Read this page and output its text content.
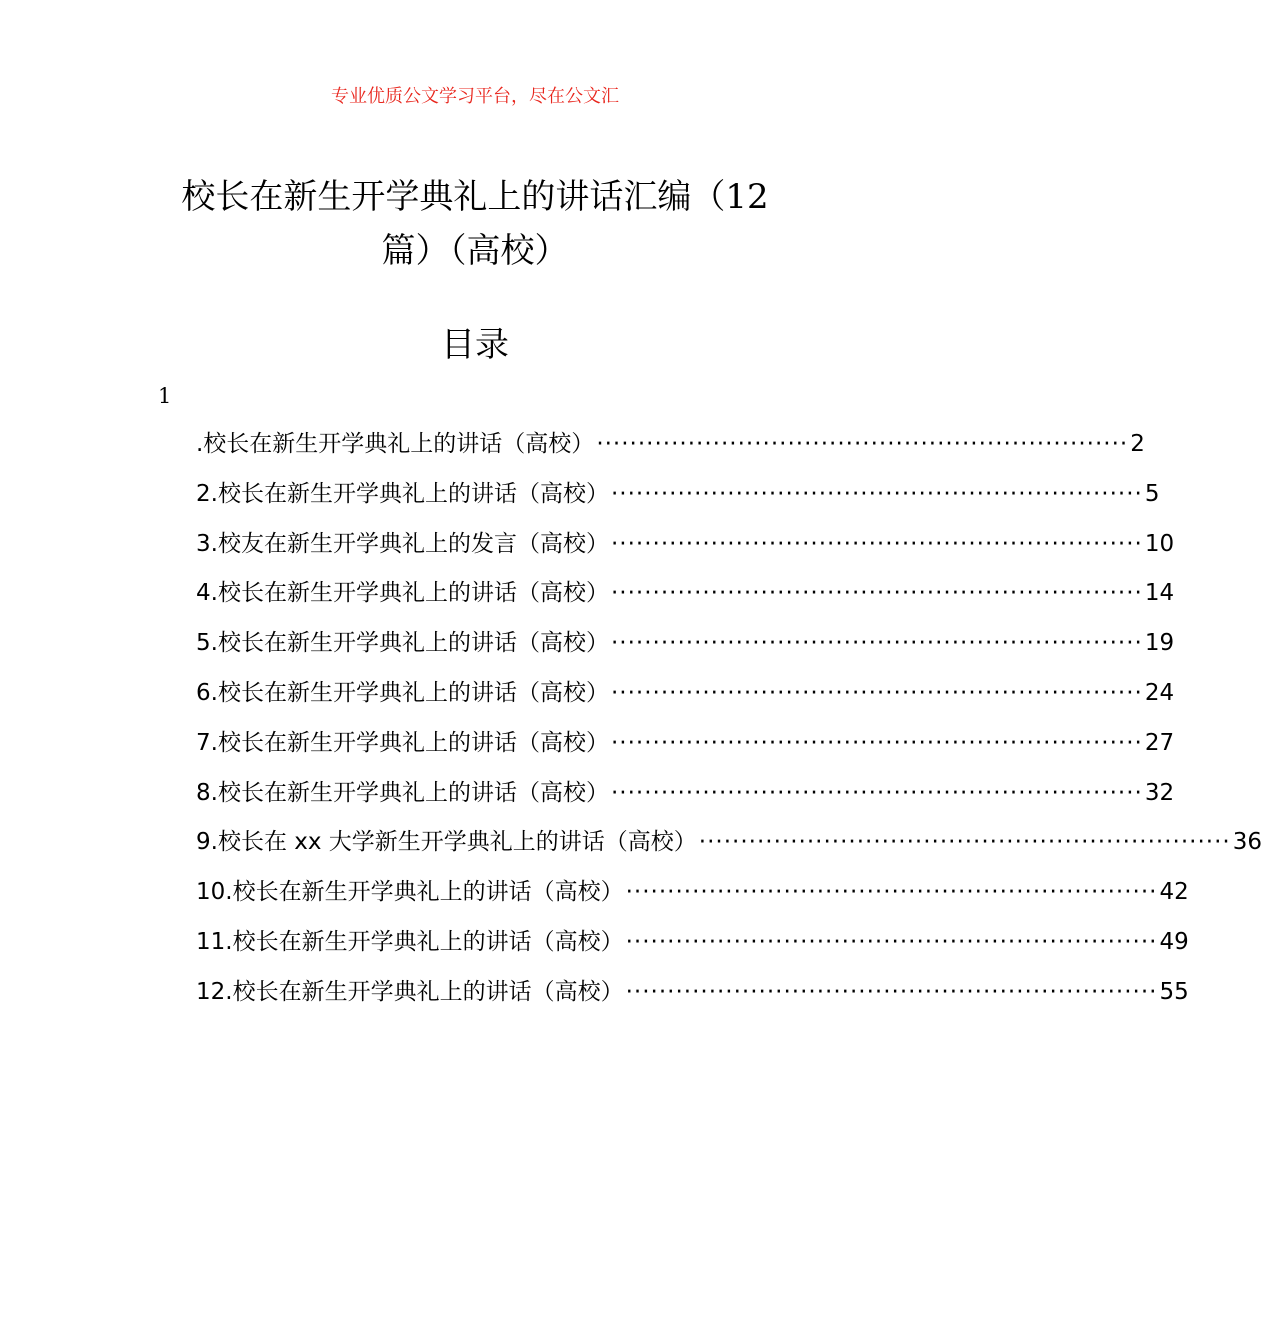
专业优质公文学习平台，尽在公文汇
校长在新生开学典礼上的讲话汇编（12
篇）（高校）
目录
1
.校长在新生开学典礼上的讲话（高校） ································································ 2
2.校长在新生开学典礼上的讲话（高校） ································································ 5
3.校友在新生开学典礼上的发言（高校） ································································ 10
4.校长在新生开学典礼上的讲话（高校） ································································ 14
5.校长在新生开学典礼上的讲话（高校） ································································ 19
6.校长在新生开学典礼上的讲话（高校） ································································ 24
7.校长在新生开学典礼上的讲话（高校） ································································ 27
8.校长在新生开学典礼上的讲话（高校） ································································ 32
9.校长在 xx 大学新生开学典礼上的讲话（高校） ································································ 36
10.校长在新生开学典礼上的讲话（高校） ································································ 42
11.校长在新生开学典礼上的讲话（高校） ································································ 49
12.校长在新生开学典礼上的讲话（高校） ································································ 55
